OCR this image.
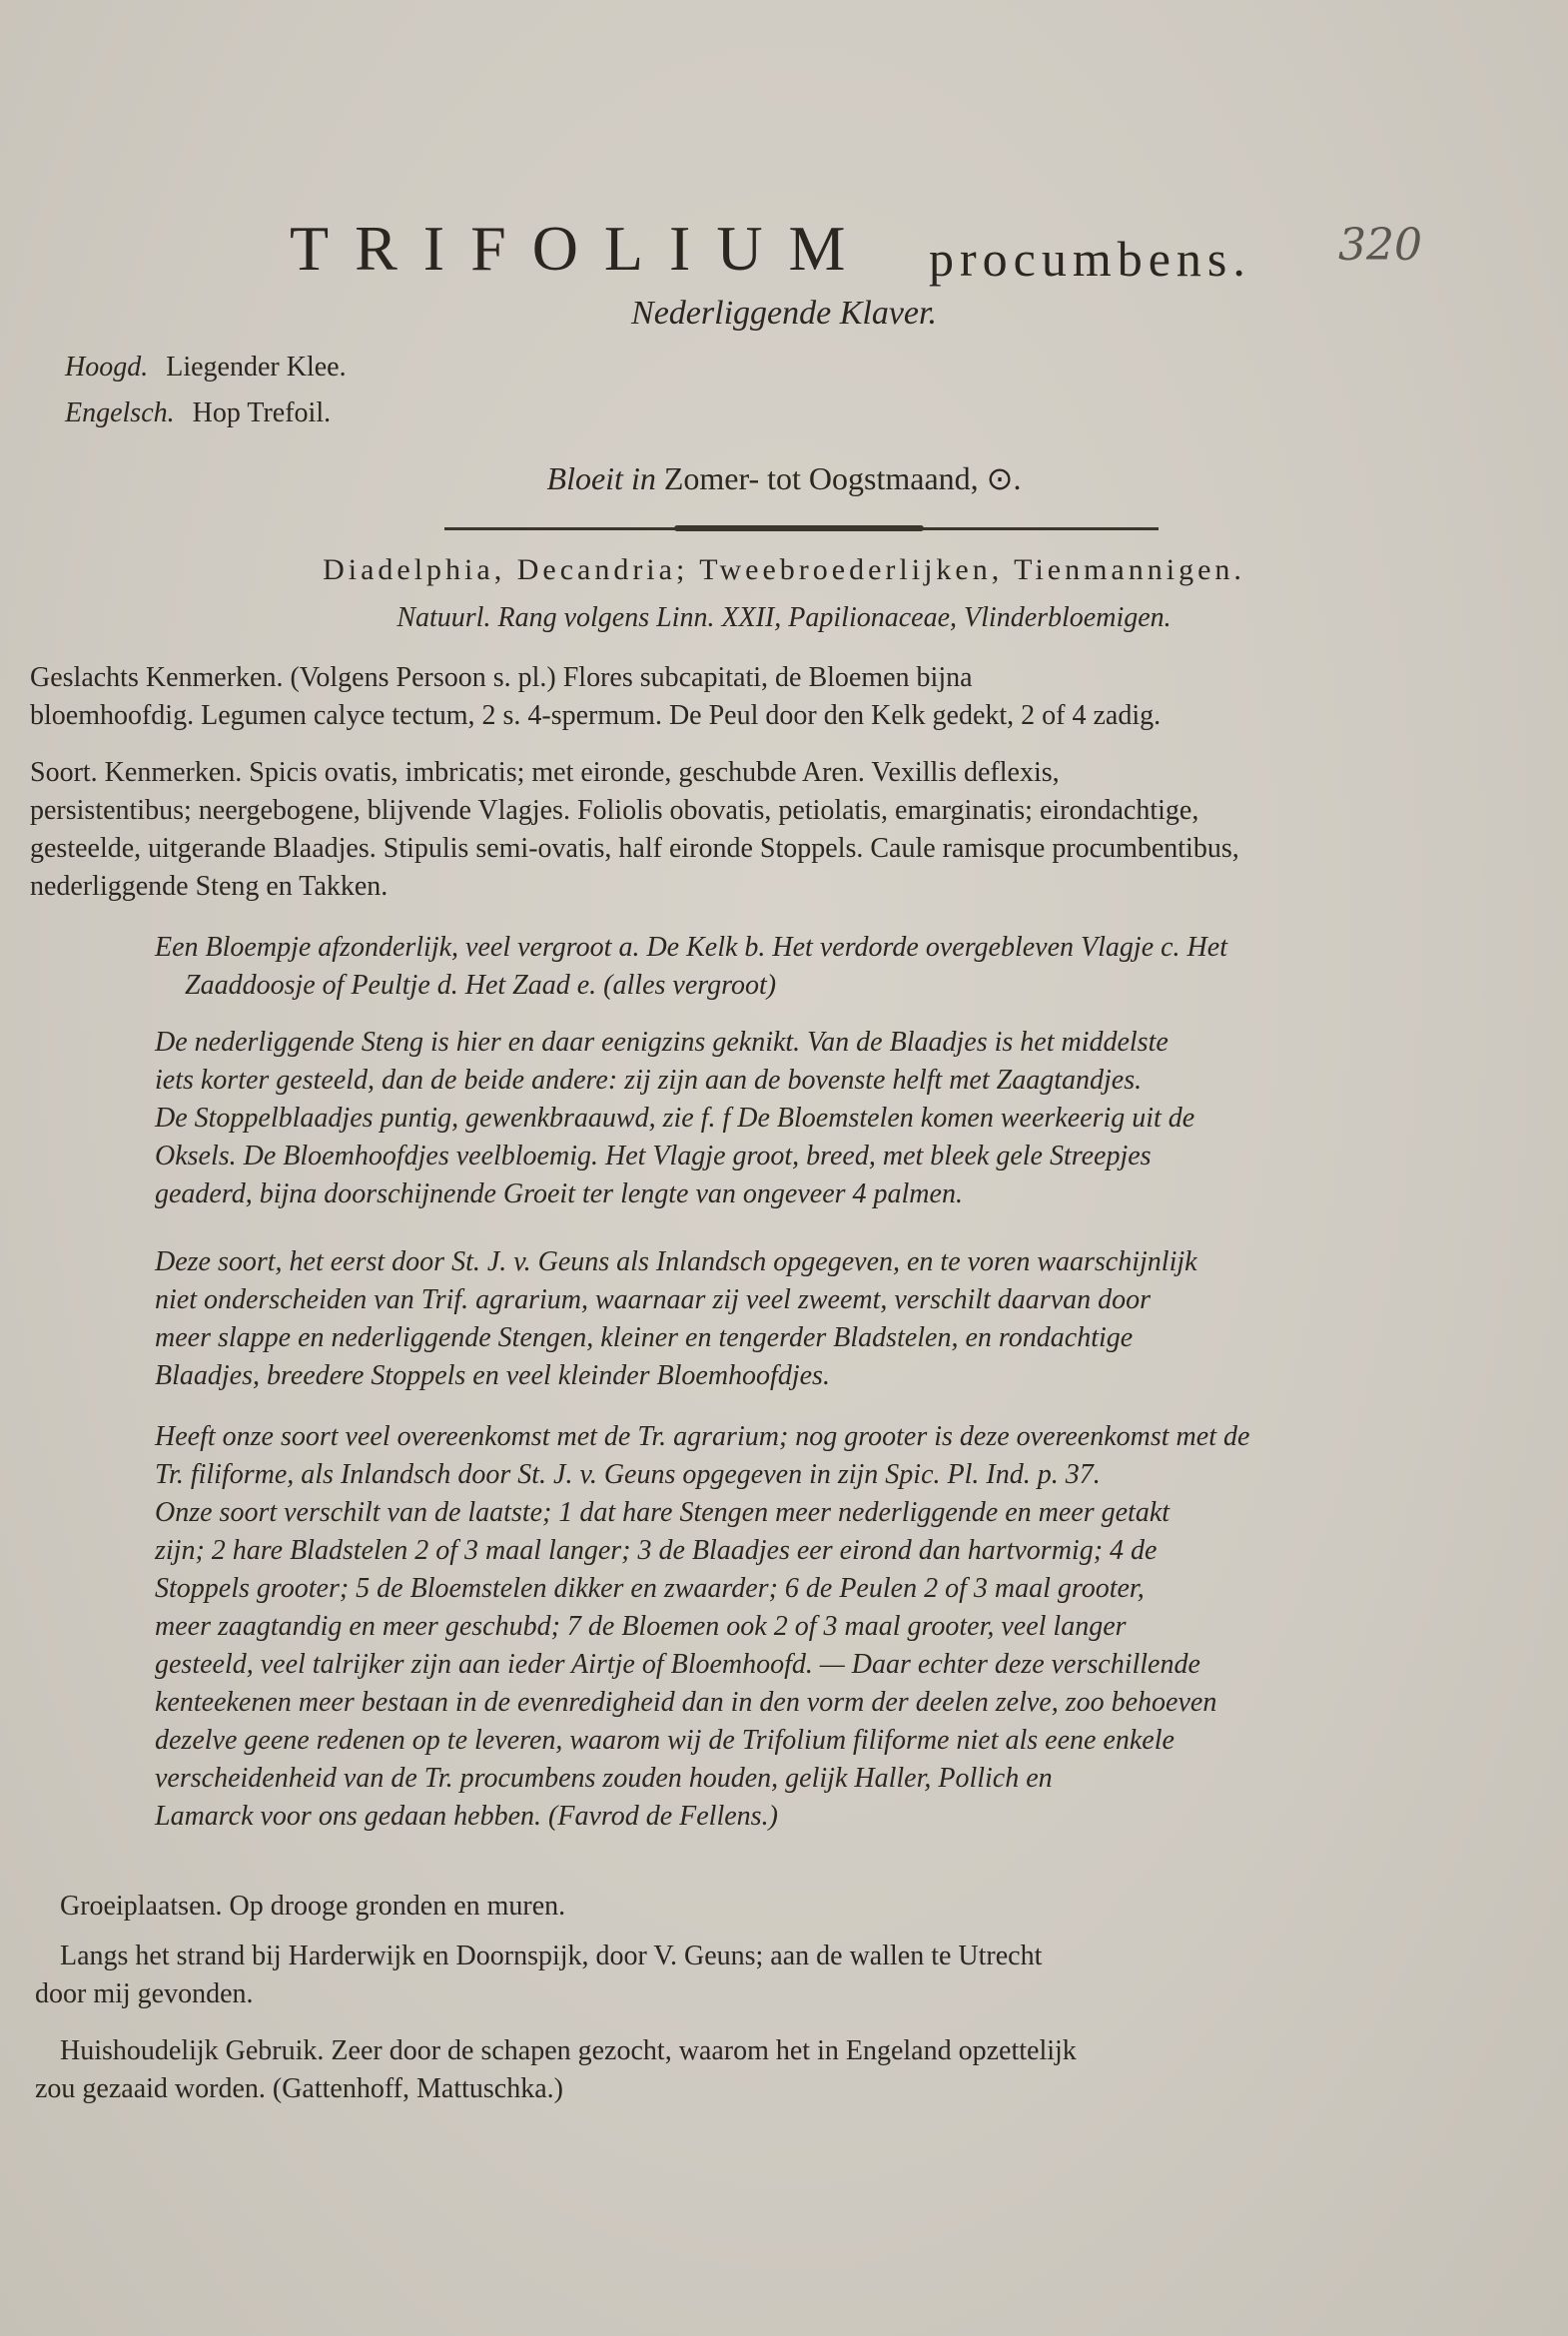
TRIFOLIUM procumbens. 320
Nederliggende Klaver.
Hoogd. Liegender Klee.
Engelsch. Hop Trefoil.
Bloeit in Zomer- tot Oogstmaand, ⊙.
Diadelphia, Decandria; Tweebroederlijken, Tienmannigen.
Natuurl. Rang volgens Linn. XXII, Papilionaceae, Vlinderbloemigen.
Geslachts Kenmerken. (Volgens Persoon s. pl.) Flores subcapitati, de Bloemen bijna
bloemhoofdig. Legumen calyce tectum, 2 s. 4-spermum. De Peul door den Kelk gedekt, 2 of 4 zadig.
Soort. Kenmerken. Spicis ovatis, imbricatis; met eironde, geschubde Aren. Vexillis deflexis,
persistentibus; neergebogene, blijvende Vlagjes. Foliolis obovatis, petiolatis, emarginatis; eirondachtige,
gesteelde, uitgerande Blaadjes. Stipulis semi-ovatis, half eironde Stoppels. Caule ramisque procumbentibus,
nederliggende Steng en Takken.
Een Bloempje afzonderlijk, veel vergroot a. De Kelk b. Het verdorde overgebleven Vlagje c. Het
Zaaddoosje of Peultje d. Het Zaad e. (alles vergroot)
De nederliggende Steng is hier en daar eenigzins geknikt. Van de Blaadjes is het middelste
iets korter gesteeld, dan de beide andere: zij zijn aan de bovenste helft met Zaagtandjes.
De Stoppelblaadjes puntig, gewenkbraauwd, zie f. f De Bloemstelen komen weerkeerig uit de
Oksels. De Bloemhoofdjes veelbloemig. Het Vlagje groot, breed, met bleek gele Streepjes
geaderd, bijna doorschijnende Groeit ter lengte van ongeveer 4 palmen.
Deze soort, het eerst door St. J. v. Geuns als Inlandsch opgegeven, en te voren waarschijnlijk
niet onderscheiden van Trif. agrarium, waarnaar zij veel zweemt, verschilt daarvan door
meer slappe en nederliggende Stengen, kleiner en tengerder Bladstelen, en rondachtige
Blaadjes, breedere Stoppels en veel kleinder Bloemhoofdjes.
Heeft onze soort veel overeenkomst met de Tr. agrarium; nog grooter is deze overeenkomst met de
Tr. filiforme, als Inlandsch door St. J. v. Geuns opgegeven in zijn Spic. Pl. Ind. p. 37.
Onze soort verschilt van de laatste; 1 dat hare Stengen meer nederliggende en meer getakt
zijn; 2 hare Bladstelen 2 of 3 maal langer; 3 de Blaadjes eer eirond dan hartvormig; 4 de
Stoppels grooter; 5 de Bloemstelen dikker en zwaarder; 6 de Peulen 2 of 3 maal grooter,
meer zaagtandig en meer geschubd; 7 de Bloemen ook 2 of 3 maal grooter, veel langer
gesteeld, veel talrijker zijn aan ieder Airtje of Bloemhoofd. — Daar echter deze verschillende
kenteekenen meer bestaan in de evenredigheid dan in den vorm der deelen zelve, zoo behoeven
dezelve geene redenen op te leveren, waarom wij de Trifolium filiforme niet als eene enkele
verscheidenheid van de Tr. procumbens zouden houden, gelijk Haller, Pollich en
Lamarck voor ons gedaan hebben. (Favrod de Fellens.)
Groeiplaatsen. Op drooge gronden en muren.
Langs het strand bij Harderwijk en Doornspijk, door V. Geuns; aan de wallen te Utrecht
door mij gevonden.
Huishoudelijk Gebruik. Zeer door de schapen gezocht, waarom het in Engeland opzettelijk
zou gezaaid worden. (Gattenhoff, Mattuschka.)
